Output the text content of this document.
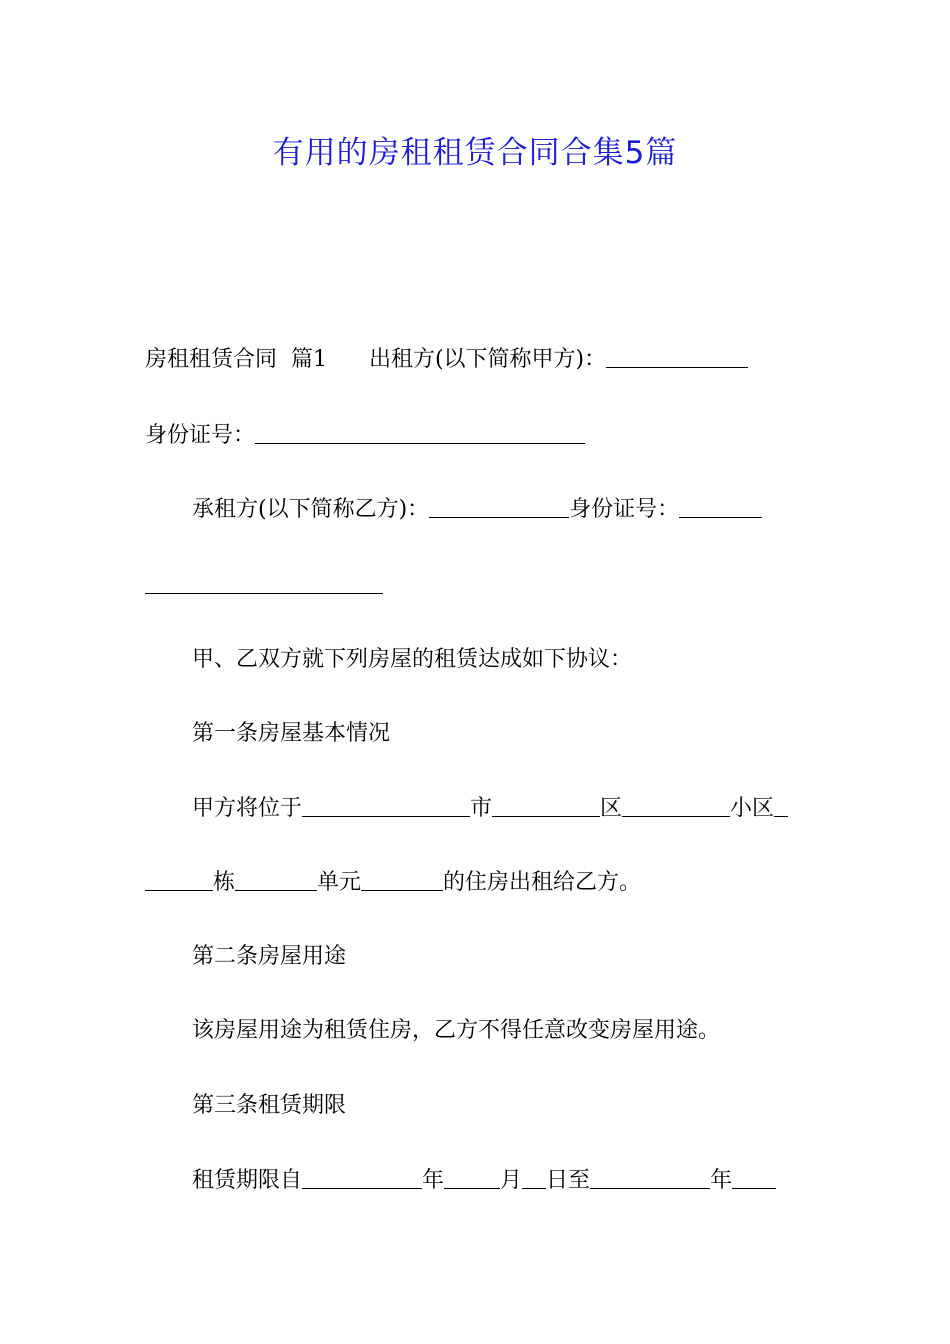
有用的房租租赁合同合集5篇
房租租赁合同  篇1      出租方(以下简称甲方)：
身份证号：
承租方(以下简称乙方)：	身份证号：
甲、乙双方就下列房屋的租赁达成如下协议：
第一条房屋基本情况
甲方将位于	市	区	小区
栋	单元	的住房出租给乙方。
第二条房屋用途
该房屋用途为租赁住房，乙方不得任意改变房屋用途。
第三条租赁期限
租赁期限自	年	月 日至	年
